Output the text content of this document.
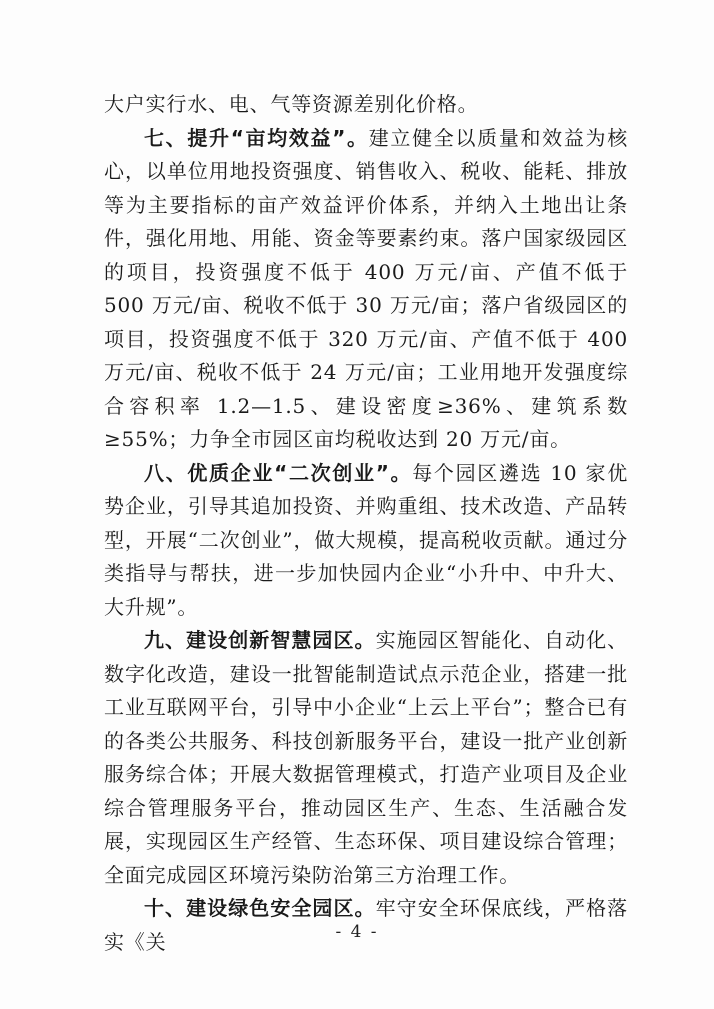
大户实行水、电、气等资源差别化价格。

七、提升“亩均效益”。建立健全以质量和效益为核心，以单位用地投资强度、销售收入、税收、能耗、排放等为主要指标的亩产效益评价体系，并纳入土地出让条件，强化用地、用能、资金等要素约束。落户国家级园区的项目，投资强度不低于 400 万元/亩、产值不低于 500 万元/亩、税收不低于 30 万元/亩；落户省级园区的项目，投资强度不低于 320 万元/亩、产值不低于 400 万元/亩、税收不低于 24 万元/亩；工业用地开发强度综合容积率 1.2—1.5、建设密度≥36%、建筑系数≥55%；力争全市园区亩均税收达到 20 万元/亩。

八、优质企业“二次创业”。每个园区遴选 10 家优势企业，引导其追加投资、并购重组、技术改造、产品转型，开展“二次创业”，做大规模，提高税收贡献。通过分类指导与帮扶，进一步加快园内企业“小升中、中升大、大升规”。

九、建设创新智慧园区。实施园区智能化、自动化、数字化改造，建设一批智能制造试点示范企业，搭建一批工业互联网平台，引导中小企业“上云上平台”；整合已有的各类公共服务、科技创新服务平台，建设一批产业创新服务综合体；开展大数据管理模式，打造产业项目及企业综合管理服务平台，推动园区生产、生态、生活融合发展，实现园区生产经管、生态环保、项目建设综合管理；全面完成园区环境污染防治第三方治理工作。

十、建设绿色安全园区。牢守安全环保底线，严格落实《关	- 4 -
